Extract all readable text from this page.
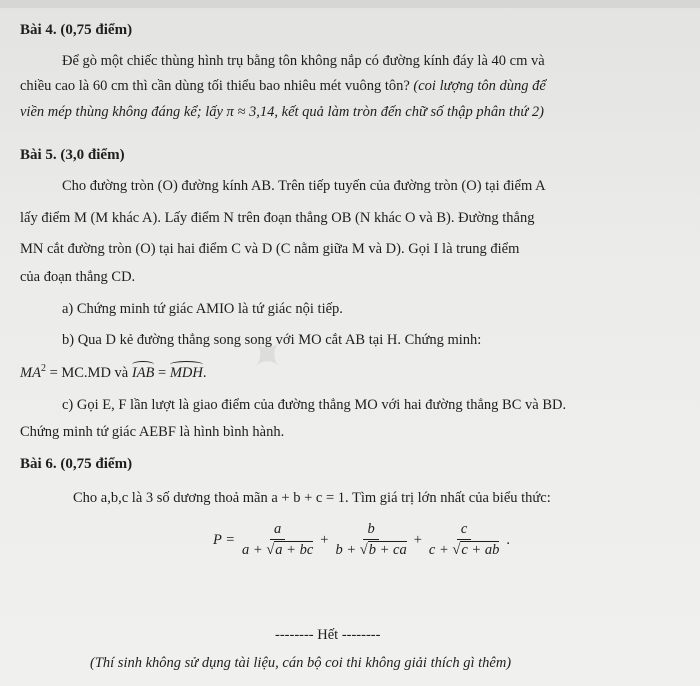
✦
Bài 4. (0,75 điểm)
Để gò một chiếc thùng hình trụ bằng tôn không nắp có đường kính đáy là 40 cm và
chiều cao là 60 cm thì cần dùng tối thiểu bao nhiêu mét vuông tôn? (coi lượng tôn dùng để
viền mép thùng không đáng kể; lấy π ≈ 3,14, kết quả làm tròn đến chữ số thập phân thứ 2)
Bài 5. (3,0 điểm)
Cho đường tròn (O) đường kính AB. Trên tiếp tuyến của đường tròn (O) tại điểm A
lấy điểm M (M khác A). Lấy điểm N trên đoạn thẳng OB (N khác O và B). Đường thẳng
MN cắt đường tròn (O) tại hai điểm C và D (C nằm giữa M và D). Gọi I là trung điểm
của đoạn thẳng CD.
a) Chứng minh tứ giác AMIO là tứ giác nội tiếp.
b) Qua D kẻ đường thẳng song song với MO cắt AB tại H. Chứng minh:
$MA^2 = MC.MD$ và IAB = MDH.
c) Gọi E, F lần lượt là giao điểm của đường thẳng MO với hai đường thẳng BC và BD.
Chứng minh tứ giác AEBF là hình bình hành.
Bài 6. (0,75 điểm)
Cho a,b,c là 3 số dương thoả mãn a + b + c = 1. Tìm giá trị lớn nhất của biểu thức:
$P = \frac{a}{a + √a + bc} + \frac{b}{b + √b + ca} + \frac{c}{c + √c + ab}$ .
-------- Hết --------
(Thí sinh không sử dụng tài liệu, cán bộ coi thi không giải thích gì thêm)
